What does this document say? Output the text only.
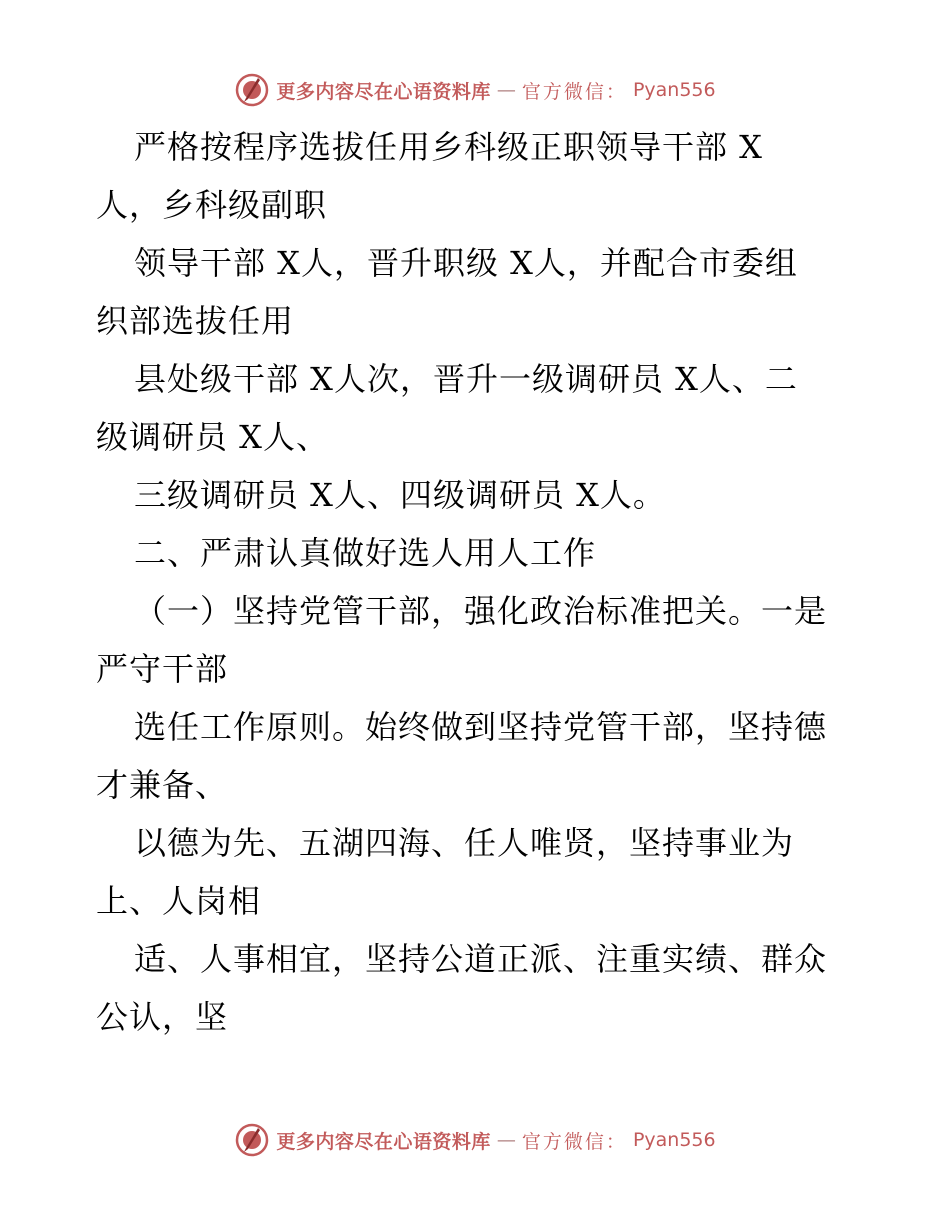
更多内容尽在心语资料库 — 官方微信： Pyan556
严格按程序选拔任用乡科级正职领导干部 X
人，乡科级副职
领导干部 X人，晋升职级 X人，并配合市委组
织部选拔任用
县处级干部 X人次，晋升一级调研员 X人、二
级调研员 X人、
三级调研员 X人、四级调研员 X人。
二、严肃认真做好选人用人工作
（一）坚持党管干部，强化政治标准把关。一是
严守干部
选任工作原则。始终做到坚持党管干部，坚持德
才兼备、
以德为先、五湖四海、任人唯贤，坚持事业为
上、人岗相
适、人事相宜，坚持公道正派、注重实绩、群众
公认，坚
更多内容尽在心语资料库 — 官方微信： Pyan556
